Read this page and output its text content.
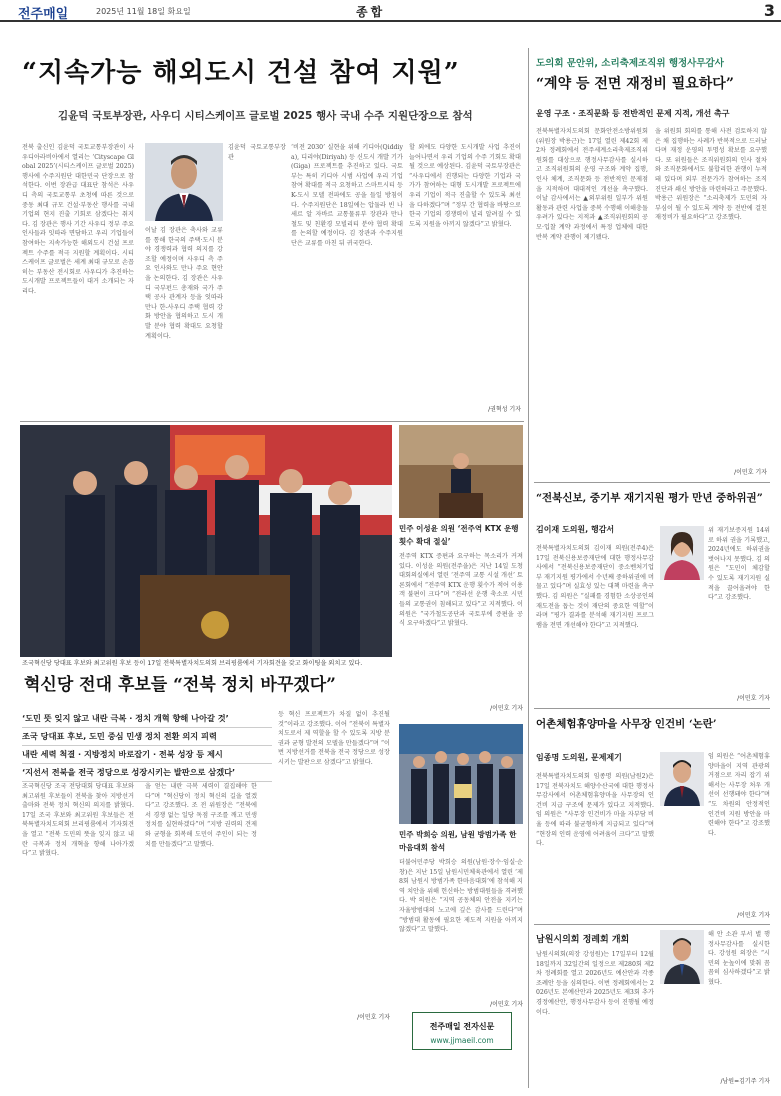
전주매일	2025년 11월 18일 화요일	종합	3
“지속가능 해외도시 건설 참여 지원”
김윤덕 국토부장관, 사우디 시티스케이프 글로벌 2025 행사 국내 수주 지원단장으로 참석
전북 출신인 김윤덕 국토교통부장관이 사우디아라비아에서 열리는 ‘Cityscape Global 2025’(시티스케이프 글로벌 2025) 행사에 수주지원단 대한민국 단장으로 참석한다. 이번 장관급 대표단 참석은 사우디 측의 국토교통부 초청에 따른 것으로 중동 최대 규모 건설·부동산 행사를 국내 기업의 현지 진출 기회로 삼겠다는 취지다. 김 장관은 행사 기간 사우디 정부 주요 인사들과 잇따라 면담하고 우리 기업들이 참여하는 지속가능한 해외도시 건설 프로젝트 수주를 적극 지원할 계획이다. 시티스케이프 글로벌은 세계 최대 규모로 손꼽히는 부동산 전시회로 사우디가 추진하는 도시개발 프로젝트들이 대거 소개되는 자리다.
이날 김 장관은 축사와 교류를 통해 한국의 주택·도시 분야 경쟁력과 협력 의지를 강조할 예정이며 사우디 측 주요 인사와도 만나 주요 현안을 논의한다. 김 장관은 사우디 국부펀드 총재와 국가 주택 공사 관계자 등을 잇따라 만나 한-사우디 주택 협력 강화 방안을 협의하고 도시 개발 분야 협력 확대도 요청할 계획이다.
김윤덕 국토교통부장관
‘비전 2030’ 실현을 위해 키디아(Qiddiya), 디리야(Diriyah) 등 신도시 개발 기가(Giga) 프로젝트를 추진하고 있다. 국토부는 특히 키디아 시범 사업에 우리 기업 참여 확대를 적극 요청하고 스마트시티 등 K-도시 모델 전파에도 공을 들일 방침이다. 수주지원단은 18일에는 압둘라 빈 나세르 알 자바르 교통물류부 장관과 만나 철도 및 친환경 모빌리티 분야 협력 확대를 논의할 예정이다. 김 장관과 수주지원단은 교류를 마친 뒤 귀국한다.
할 외에도 다양한 도시개발 사업 추진이 늘어나면서 우리 기업의 수주 기회도 확대될 것으로 예상된다. 김윤덕 국토부장관은 “사우디에서 진행되는 다양한 기업과 국가가 참여하는 대형 도시개발 프로젝트에 우리 기업이 적극 진출할 수 있도록 최선을 다하겠다”며 “정부 간 협력을 바탕으로 한국 기업의 경쟁력이 널리 알려질 수 있도록 지원을 아끼지 않겠다”고 밝혔다.
/권혁성 기자
조국혁신당 당대표 후보와 최고위원 후보 등이 17일 전북특별자치도의회 브리핑룸에서 기자회견을 갖고 화이팅을 외치고 있다.
혁신당 전대 후보들 “전북 정치 바꾸겠다”
‘도민 뜻 잊지 않고 내란 극복 · 정치 개혁 향해 나아갈 것’
조국 당대표 후보, 도민 중심 민생 정치 전환 의지 피력
내란 세력 척결 · 지방정치 바로잡기 · 전북 성장 등 제시
‘지선서 전북을 전국 정당으로 성장시키는 발판으로 삼겠다’
조국혁신당 조국 전당대회 당대표 후보와 최고위원 후보들이 전북을 찾아 지방선거 출마와 전북 정치 혁신의 의지를 밝혔다. 17일 조국 후보와 최고위원 후보들은 전북특별자치도의회 브리핑룸에서 기자회견을 열고 “전북 도민의 뜻을 잊지 않고 내란 극복과 정치 개혁을 향해 나아가겠다”고 밝혔다.
을 얻는 내란 극복 세력이 결집해야 한다”며 “혁신당이 정치 혁신의 길을 열겠다”고 강조했다. 조 전 위원장은 “전북에서 경쟁 없는 일당 독점 구조를 깨고 민생 정치를 실현하겠다”며 “지방 권력의 견제와 균형을 회복해 도민이 주인이 되는 정치를 만들겠다”고 말했다.
등 혁신 프로젝트가 차질 없이 추진될 것”이라고 강조했다. 이어 “전북이 특별자치도로서 제 역할을 할 수 있도록 지방 분권과 균형 발전의 모델을 만들겠다”며 “이번 지방선거를 전북을 전국 정당으로 성장시키는 발판으로 삼겠다”고 밝혔다.
/이민호 기자
민주 이성윤 의원 ‘전주역 KTX 운행 횟수 확대 절실’
전주역 KTX 증편과 요구하는 목소리가 커져 있다. 이성윤 의원(전주을)은 지난 14일 도청 대회의실에서 열린 ‘전주역 교통 시설 개선’ 토론회에서 “전주역 KTX 운행 횟수가 적어 이용객 불편이 크다”며 “전라선 운행 축소로 시민들의 교통권이 침해되고 있다”고 지적했다. 이 의원은 “국가철도공단과 국토부에 증편을 공식 요구하겠다”고 밝혔다.
/이민호 기자
민주 박희승 의원, 남원 방범가족 한마음대회 참석
더불어민주당 박희승 의원(남원·장수·임실·순창)은 지난 15일 남원시민체육관에서 열린 ‘제8회 남원시 방범가족 한마음대회’에 참석해 지역 치안을 위해 헌신하는 방범대원들을 격려했다. 박 의원은 “지역 공동체의 안전을 지키는 자율방범대의 노고에 깊은 감사를 드린다”며 “방범대 활동에 필요한 제도적 지원을 아끼지 않겠다”고 말했다.
/이민호 기자
전주매일 전자신문
www.jjmaeil.com
도의회 문안위, 소리축제조직위 행정사무감사
“계약 등 전면 재정비 필요하다”
운영 구조 · 조직문화 등 전반적인 문제 지적, 개선 촉구
전북특별자치도의회 문화안전소방위원회(위원장 박용근)는 17일 열린 제42회 제2차 정례회에서 전주세계소리축제조직위원회를 대상으로 행정사무감사를 실시하고 조직위원회의 운영 구조와 계약 집행, 인사 체계, 조직문화 등 전반적인 문제점을 지적하며 대대적인 개선을 촉구했다. 이날 감사에서는 ▲외부위원 일부가 위원 활동과 관련 사업을 중복 수행해 이해충돌 우려가 있다는 지적과 ▲조직위원회의 공모·입찰 계약 과정에서 특정 업체에 대한 반복 계약 관행이 제기됐다.
을 위원회 회의를 통해 사전 검토하지 않은 채 집행하는 사례가 반복적으로 드러났다며 재정 운영의 투명성 확보를 요구했다. 또 위원들은 조직위원회의 인사 절차와 조직문화에서도 불합리한 관행이 누적돼 있다며 외부 전문가가 참여하는 조직 진단과 쇄신 방안을 마련하라고 주문했다. 박용근 위원장은 “소리축제가 도민의 자부심이 될 수 있도록 계약 등 전반에 걸친 재정비가 필요하다”고 강조했다.
/이민호 기자
“전북신보, 중기부 재기지원 평가 만년 중하위권”
김이재 도의원, 행감서
전북특별자치도의회 김이재 의원(전주4)은 17일 전북신용보증재단에 대한 행정사무감사에서 “전북신용보증재단이 중소벤처기업부 재기지원 평가에서 수년째 중하위권에 머물고 있다”며 실효성 있는 대책 마련을 촉구했다. 김 의원은 “실패를 경험한 소상공인의 재도전을 돕는 것이 재단의 중요한 역할”이라며 “평가 결과를 분석해 재기지원 프로그램을 전면 개선해야 한다”고 지적했다.
위 재기보증지원 14위로 하위 권을 기록했고, 2024년에도 하위권을 벗어나지 못했다. 김 의원은 “도민이 체감할 수 있도록 재기지원 실적을 끌어올려야 한다”고 강조했다.
/이민호 기자
어촌체험휴양마을 사무장 인건비 ‘논란’
임종명 도의원, 문제제기
전북특별자치도의회 임종명 의원(남원2)은 17일 전북자치도 해양수산국에 대한 행정사무감사에서 어촌체험휴양마을 사무장의 인건비 지급 구조에 문제가 있다고 지적했다. 임 의원은 “사무장 인건비가 마을 자부담 비율 등에 따라 불균형하게 지급되고 있다”며 “현장의 인력 운영에 어려움이 크다”고 말했다.
임 의원은 “어촌체험휴양마을이 지역 관광의 거점으로 자리 잡기 위해서는 사무장 처우 개선이 선행돼야 한다”며 “도 차원의 안정적인 인건비 지원 방안을 마련해야 한다”고 강조했다.
/이민호 기자
남원시의회 정례회 개회
남원시의회(의장 강성원)는 17일부터 12월 18일까지 32일간의 일정으로 제280회 제2차 정례회를 열고 2026년도 예산안과 각종 조례안 등을 심의한다. 이번 정례회에서는 2026년도 본예산안과 2025년도 제3회 추가경정예산안, 행정사무감사 등이 진행될 예정이다.
해 안 소관 부서 별 행정사무감사를 실시한다. 강성원 의장은 “시민의 눈높이에 맞춰 꼼꼼히 심사하겠다”고 밝혔다.
/남원=김기주 기자
